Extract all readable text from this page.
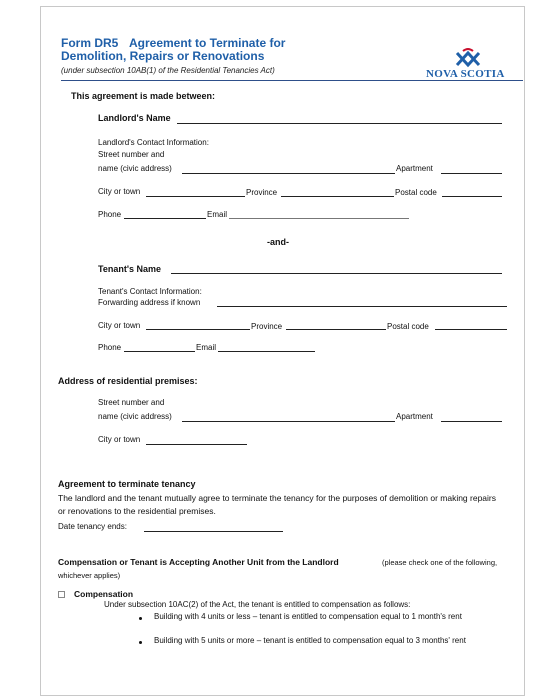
Form DR5 Agreement to Terminate for
Demolition, Repairs or Renovations
(under subsection 10AB(1) of the Residential Tenancies Act)	NOVA SCOTIA
This agreement is made between:
Landlord's Name
Landlord's Contact Information:
Street number and
name (civic address)	Apartment
City or town	Province	Postal code
Phone	Email
-and-
Tenant's Name
Tenant's Contact Information:
Forwarding address if known
City or town	Province	Postal code
Phone	Email
Address of residential premises:
Street number and
name (civic address)	Apartment
City or town
Agreement to terminate tenancy
The landlord and the tenant mutually agree to terminate the tenancy for the purposes of demolition or making repairs or renovations to the residential premises.
Date tenancy ends:
Compensation or Tenant is Accepting Another Unit from the Landlord	(please check one of the following, whichever applies)
Compensation
Under subsection 10AC(2) of the Act, the tenant is entitled to compensation as follows:
Building with 4 units or less – tenant is entitled to compensation equal to 1 month's rent
Building with 5 units or more – tenant is entitled to compensation equal to 3 months' rent
